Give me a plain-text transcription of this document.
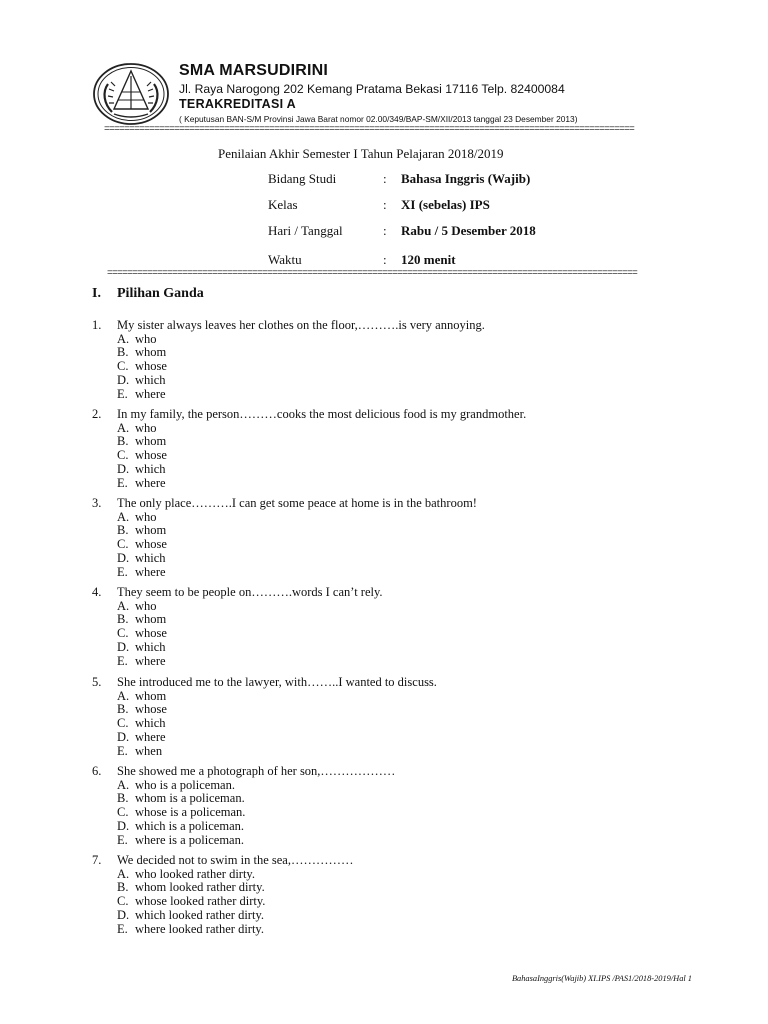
SMA MARSUDIRINI
Jl. Raya Narogong 202 Kemang Pratama Bekasi 17116 Telp. 82400084
TERAKREDITASI A
( Keputusan BAN-S/M Provinsi Jawa Barat nomor 02.00/349/BAP-SM/XII/2013 tanggal 23 Desember 2013)
==========================================================================================================
Penilaian Akhir Semester I Tahun Pelajaran 2018/2019
Bidang Studi	: Bahasa Inggris (Wajib)
Kelas	: XI (sebelas) IPS
Hari / Tanggal	: Rabu / 5 Desember 2018
Waktu	: 120 menit
==========================================================================================================
I. Pilihan Ganda
1. My sister always leaves her clothes on the floor,……….is very annoying.
A. who
B. whom
C. whose
D. which
E. where
2. In my family, the person………cooks the most delicious food is my grandmother.
A. who
B. whom
C. whose
D. which
E. where
3. The only place……….I can get some peace at home is in the bathroom!
A. who
B. whom
C. whose
D. which
E. where
4. They seem to be people on……….words I can’t rely.
A. who
B. whom
C. whose
D. which
E. where
5. She introduced me to the lawyer, with……..I wanted to discuss.
A. whom
B. whose
C. which
D. where
E. when
6. She showed me a photograph of her son,………………
A. who is a policeman.
B. whom is a policeman.
C. whose is a policeman.
D. which is a policeman.
E. where is a policeman.
7. We decided not to swim in the sea,……………
A. who looked rather dirty.
B. whom looked rather dirty.
C. whose looked rather dirty.
D. which looked rather dirty.
E. where looked rather dirty.
BahasaInggris(Wajib) XI.IPS /PAS1/2018-2019/Hal 1
